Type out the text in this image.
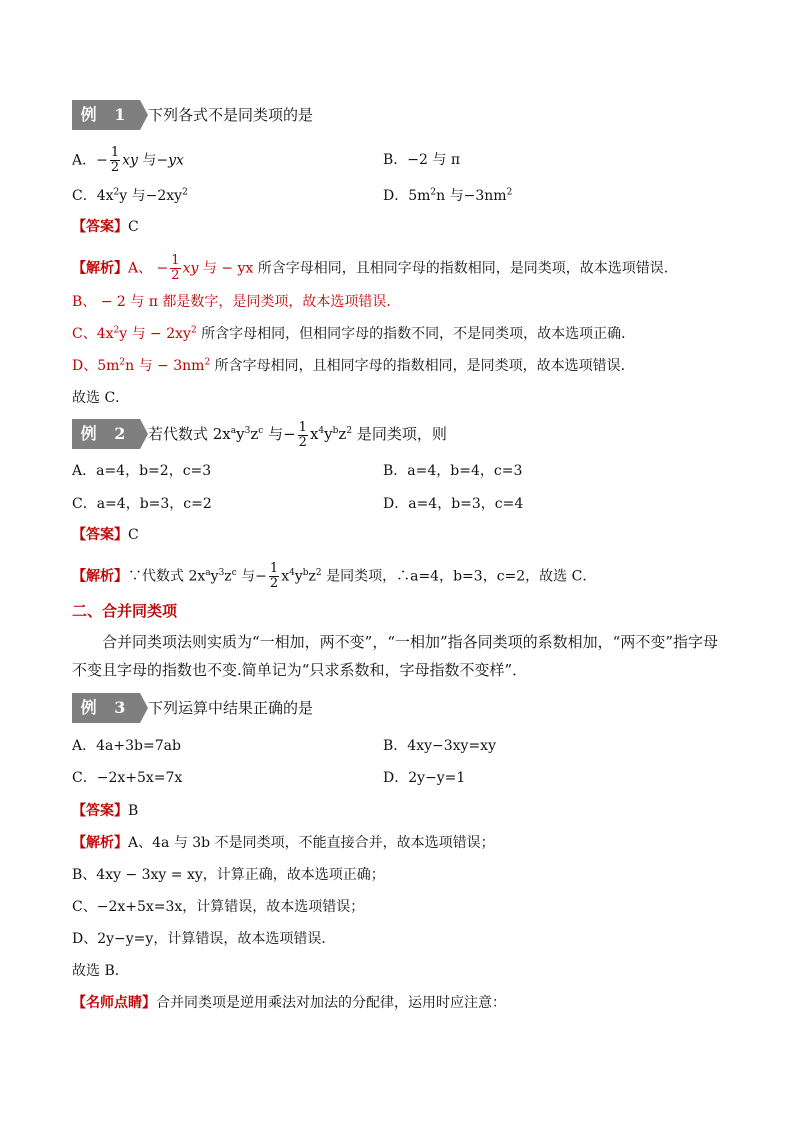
例 1	下列各式不是同类项的是
A．− $\frac{1}{2}$ xy 与−yx	B．−2 与 π
C．$4x^2y$ 与$-2xy^2$	D．$5m^2n$ 与$-3nm^2$
【答案】C
【解析】A、 − $\frac{1}{2}$ xy 与 − yx 所含字母相同，且相同字母的指数相同，是同类项，故本选项错误．
B、 − 2 与 π 都是数字，是同类项，故本选项错误．
C、$4x^2y$ 与 − $2xy^2$ 所含字母相同，但相同字母的指数不同，不是同类项，故本选项正确．
D、$5m^2n$ 与 − $3nm^2$ 所含字母相同，且相同字母的指数相同，是同类项，故本选项错误．
故选 C．
例 2	若代数式 $2x^ay^3z^c$ 与− $\frac{1}{2} x^4y^bz^2$ 是同类项，则
A．a=4，b=2，c=3	B．a=4，b=4，c=3
C．a=4，b=3，c=2	D．a=4，b=3，c=4
【答案】C
【解析】∵代数式 $2x^ay^3z^c$ 与− $\frac{1}{2} x^4y^bz^2$ 是同类项，∴a=4，b=3，c=2，故选 C．
二、合并同类项
合并同类项法则实质为“一相加，两不变”，“一相加”指各同类项的系数相加，“两不变”指字母不变且字母的指数也不变.简单记为“只求系数和，字母指数不变样”．
例 3	下列运算中结果正确的是
A．4a+3b=7ab	B．4xy−3xy=xy
C．−2x+5x=7x	D．2y−y=1
【答案】B
【解析】A、4a 与 3b 不是同类项，不能直接合并，故本选项错误；
B、4xy − 3xy = xy，计算正确，故本选项正确；
C、−2x+5x=3x，计算错误，故本选项错误；
D、2y−y=y，计算错误，故本选项错误．
故选 B．
【名师点睛】合并同类项是逆用乘法对加法的分配律，运用时应注意：
